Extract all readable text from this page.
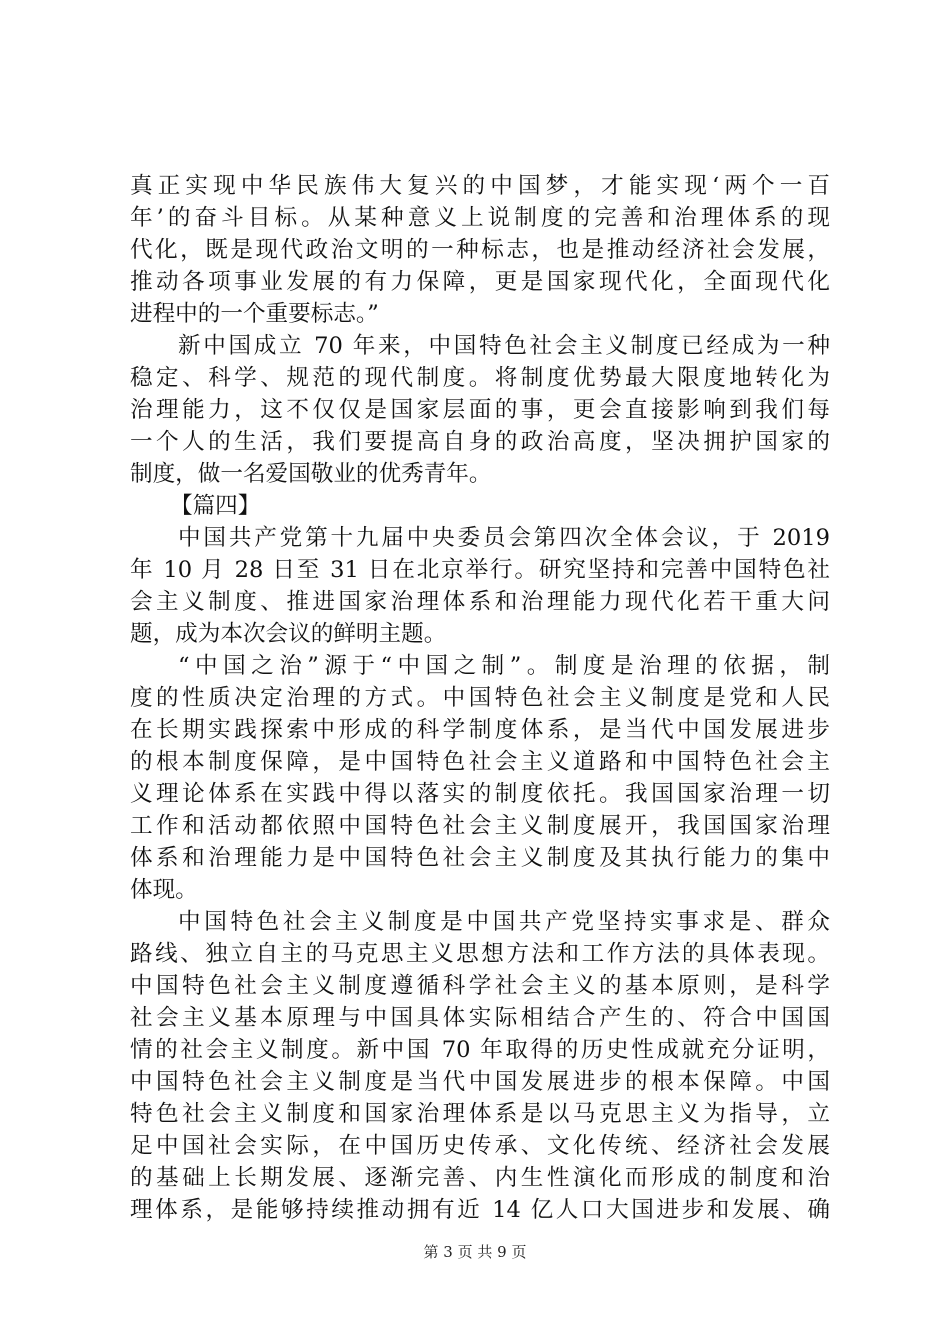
真正实现中华民族伟大复兴的中国梦，才能实现‘两个一百
年’的奋斗目标。从某种意义上说制度的完善和治理体系的现
代化，既是现代政治文明的一种标志，也是推动经济社会发展，
推动各项事业发展的有力保障，更是国家现代化，全面现代化
进程中的一个重要标志。”
新中国成立 70 年来，中国特色社会主义制度已经成为一种
稳定、科学、规范的现代制度。将制度优势最大限度地转化为
治理能力，这不仅仅是国家层面的事，更会直接影响到我们每
一个人的生活，我们要提高自身的政治高度，坚决拥护国家的
制度，做一名爱国敬业的优秀青年。
【篇四】
中国共产党第十九届中央委员会第四次全体会议，于 2019
年 10 月 28 日至 31 日在北京举行。研究坚持和完善中国特色社
会主义制度、推进国家治理体系和治理能力现代化若干重大问
题，成为本次会议的鲜明主题。
“中国之治”源于“中国之制”。制度是治理的依据，制
度的性质决定治理的方式。中国特色社会主义制度是党和人民
在长期实践探索中形成的科学制度体系，是当代中国发展进步
的根本制度保障，是中国特色社会主义道路和中国特色社会主
义理论体系在实践中得以落实的制度依托。我国国家治理一切
工作和活动都依照中国特色社会主义制度展开，我国国家治理
体系和治理能力是中国特色社会主义制度及其执行能力的集中
体现。
中国特色社会主义制度是中国共产党坚持实事求是、群众
路线、独立自主的马克思主义思想方法和工作方法的具体表现。
中国特色社会主义制度遵循科学社会主义的基本原则，是科学
社会主义基本原理与中国具体实际相结合产生的、符合中国国
情的社会主义制度。新中国 70 年取得的历史性成就充分证明，
中国特色社会主义制度是当代中国发展进步的根本保障。中国
特色社会主义制度和国家治理体系是以马克思主义为指导，立
足中国社会实际，在中国历史传承、文化传统、经济社会发展
的基础上长期发展、逐渐完善、内生性演化而形成的制度和治
理体系，是能够持续推动拥有近 14 亿人口大国进步和发展、确
第 3 页 共 9 页
